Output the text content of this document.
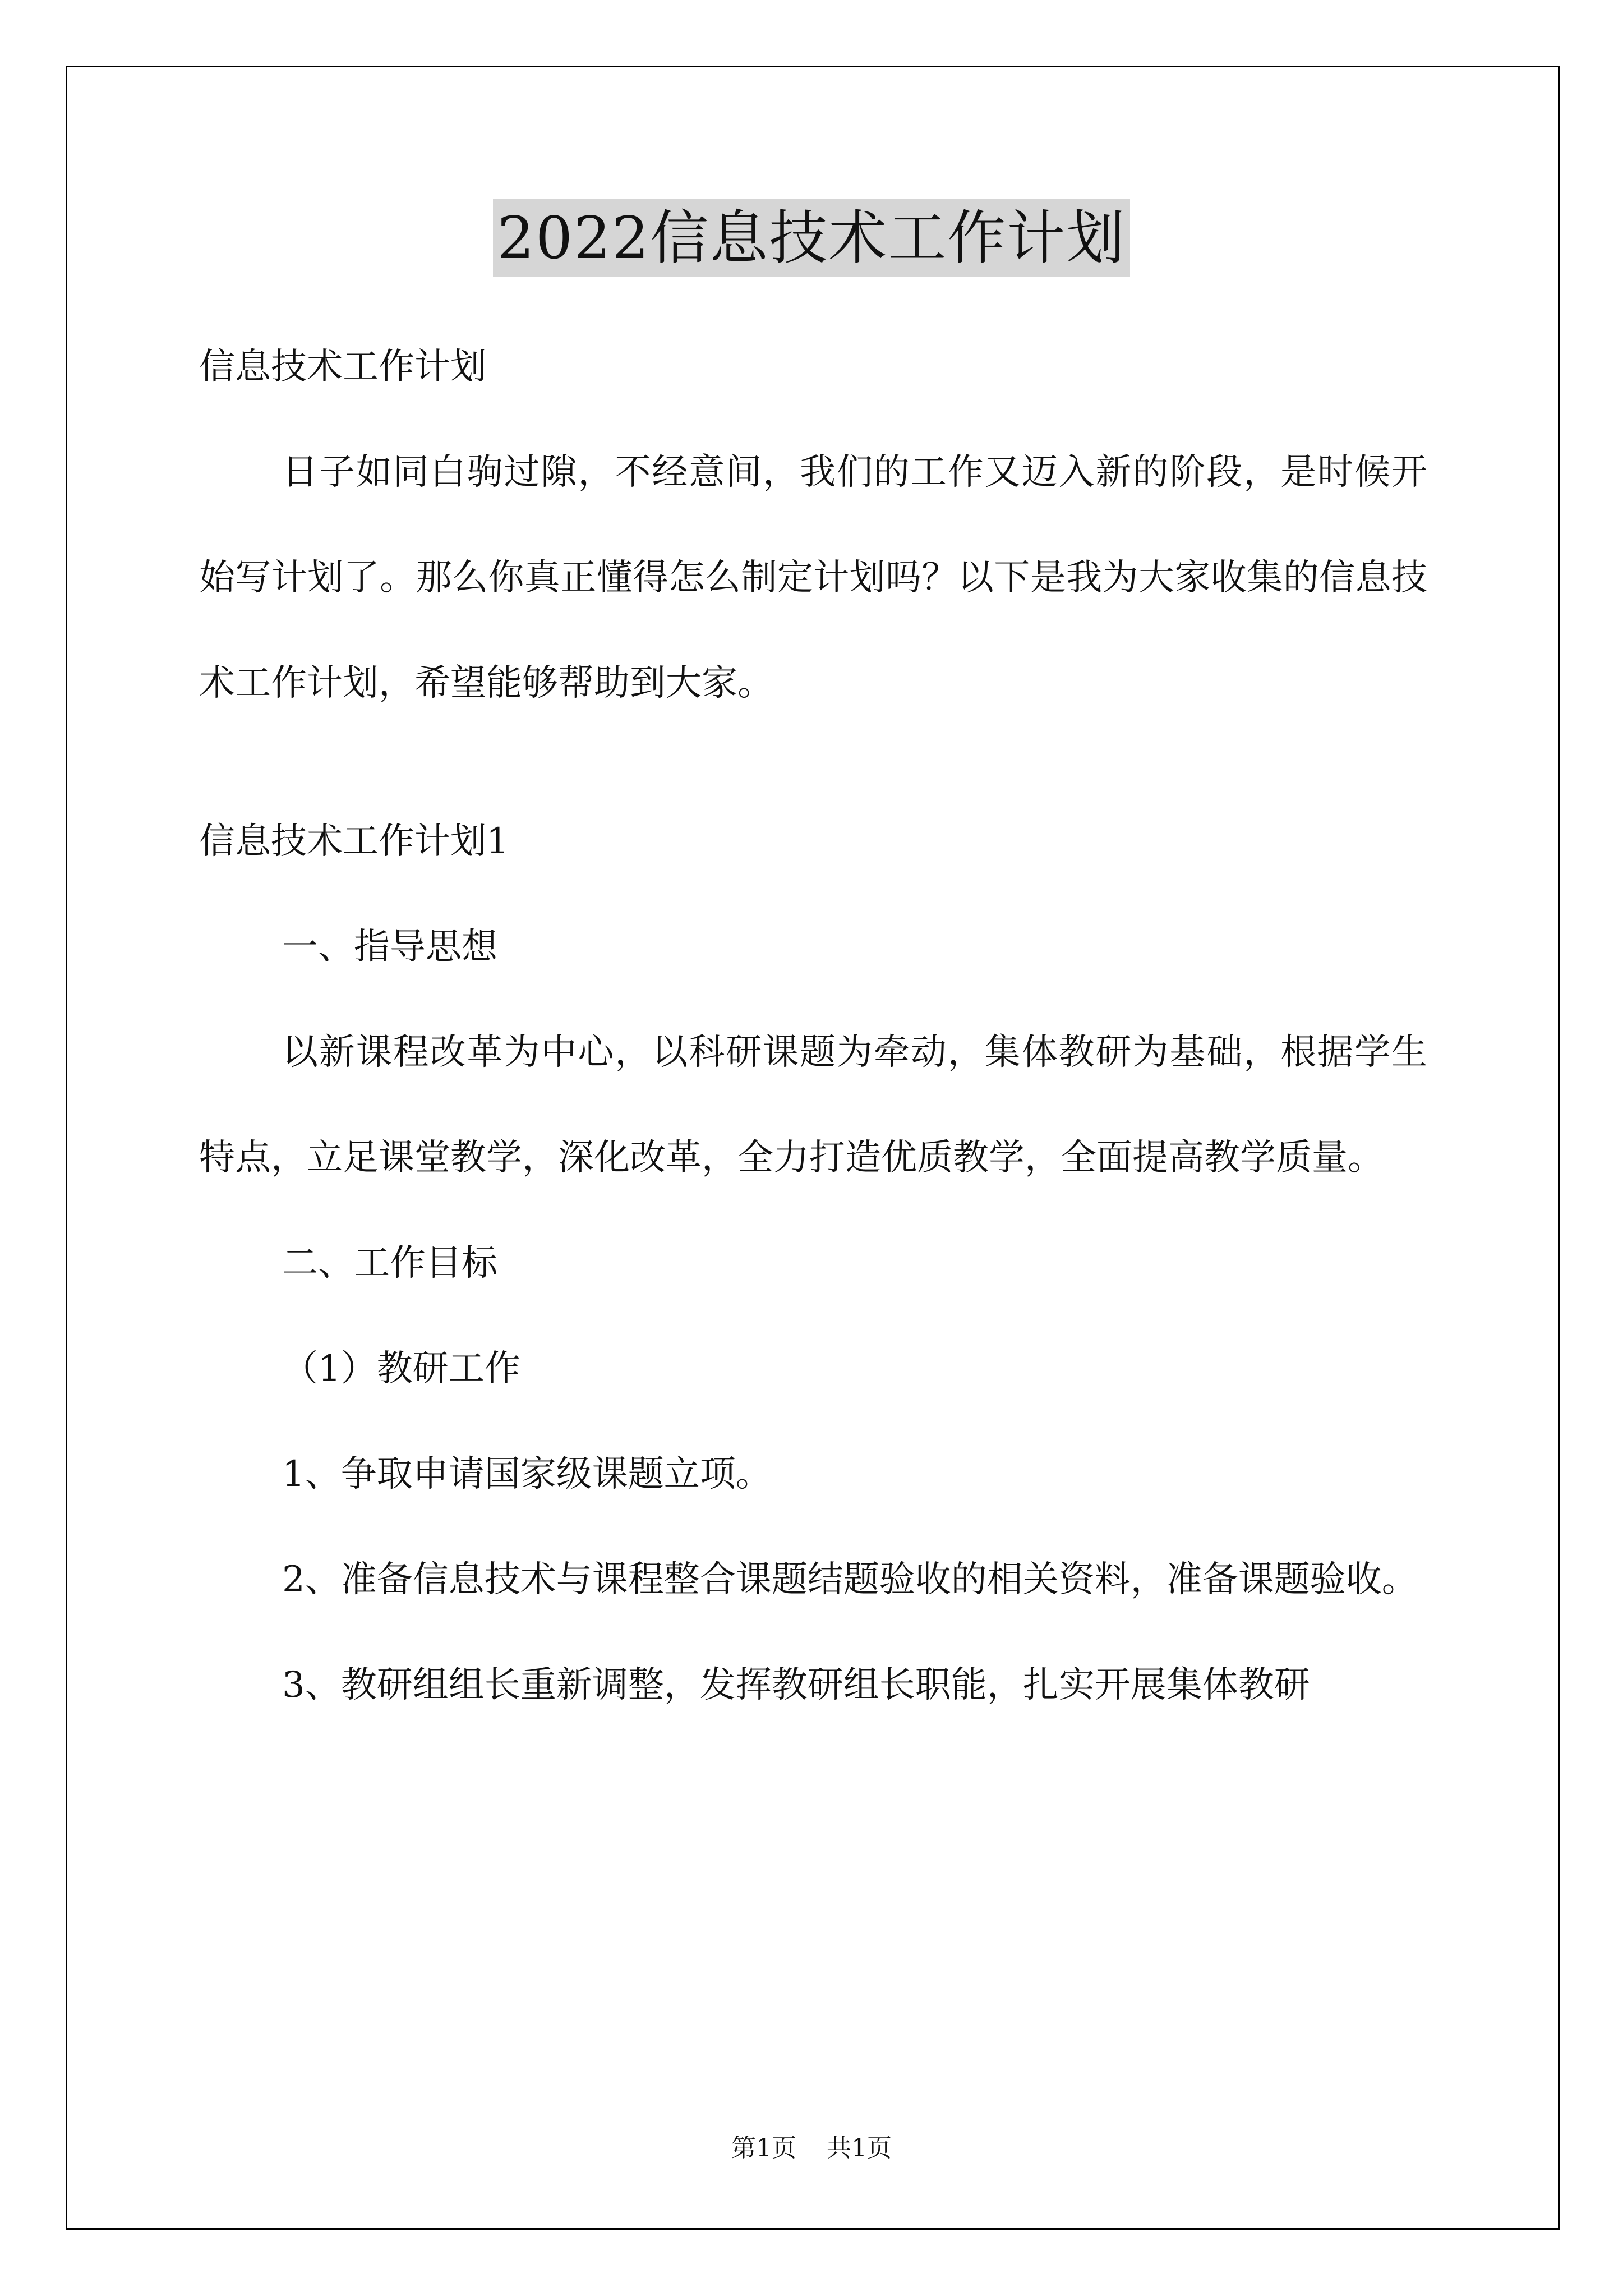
2022信息技术工作计划

信息技术工作计划

日子如同白驹过隙，不经意间，我们的工作又迈入新的阶段，是时候开始写计划了。那么你真正懂得怎么制定计划吗？以下是我为大家收集的信息技术工作计划，希望能够帮助到大家。

信息技术工作计划1

一、指导思想

以新课程改革为中心，以科研课题为牵动，集体教研为基础，根据学生特点，立足课堂教学，深化改革，全力打造优质教学，全面提高教学质量。

二、工作目标

（1）教研工作

1、争取申请国家级课题立项。

2、准备信息技术与课程整合课题结题验收的相关资料，准备课题验收。

3、教研组组长重新调整，发挥教研组长职能，扎实开展集体教研

第1页 共1页
